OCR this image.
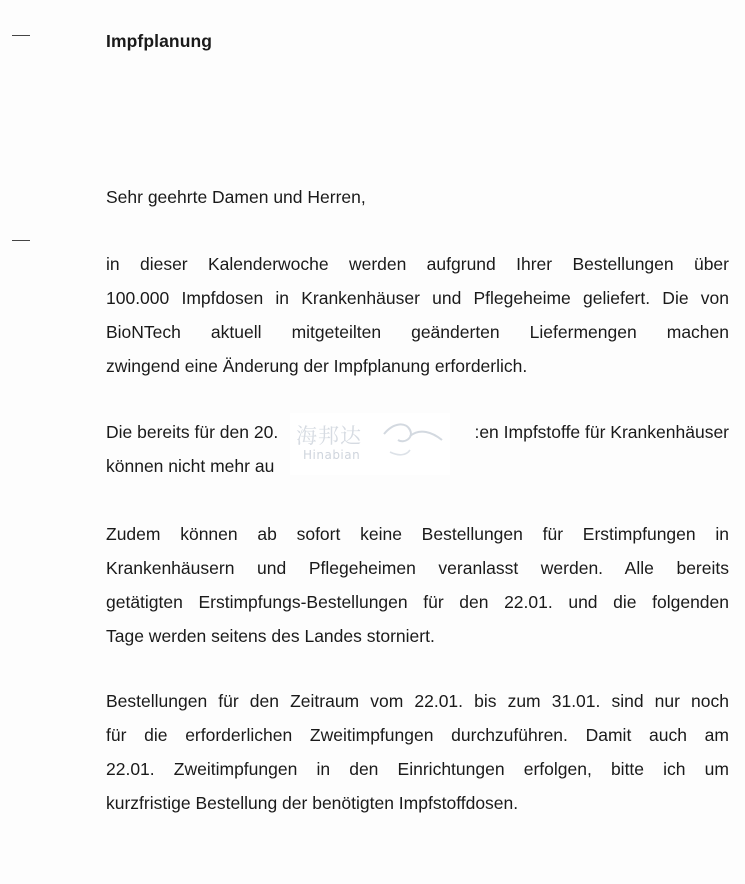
Impfplanung
Sehr geehrte Damen und Herren,
in dieser Kalenderwoche werden aufgrund Ihrer Bestellungen über
100.000 Impfdosen in Krankenhäuser und Pflegeheime geliefert. Die von
BioNTech aktuell mitgeteilten geänderten Liefermengen machen
zwingend eine Änderung der Impfplanung erforderlich.
Die bereits für den 20.	:en Impfstoffe für Krankenhäuser
können nicht mehr au
海邦达
Hinabian
Zudem können ab sofort keine Bestellungen für Erstimpfungen in
Krankenhäusern und Pflegeheimen veranlasst werden. Alle bereits
getätigten Erstimpfungs-Bestellungen für den 22.01. und die folgenden
Tage werden seitens des Landes storniert.
Bestellungen für den Zeitraum vom 22.01. bis zum 31.01. sind nur noch
für die erforderlichen Zweitimpfungen durchzuführen. Damit auch am
22.01. Zweitimpfungen in den Einrichtungen erfolgen, bitte ich um
kurzfristige Bestellung der benötigten Impfstoffdosen.
